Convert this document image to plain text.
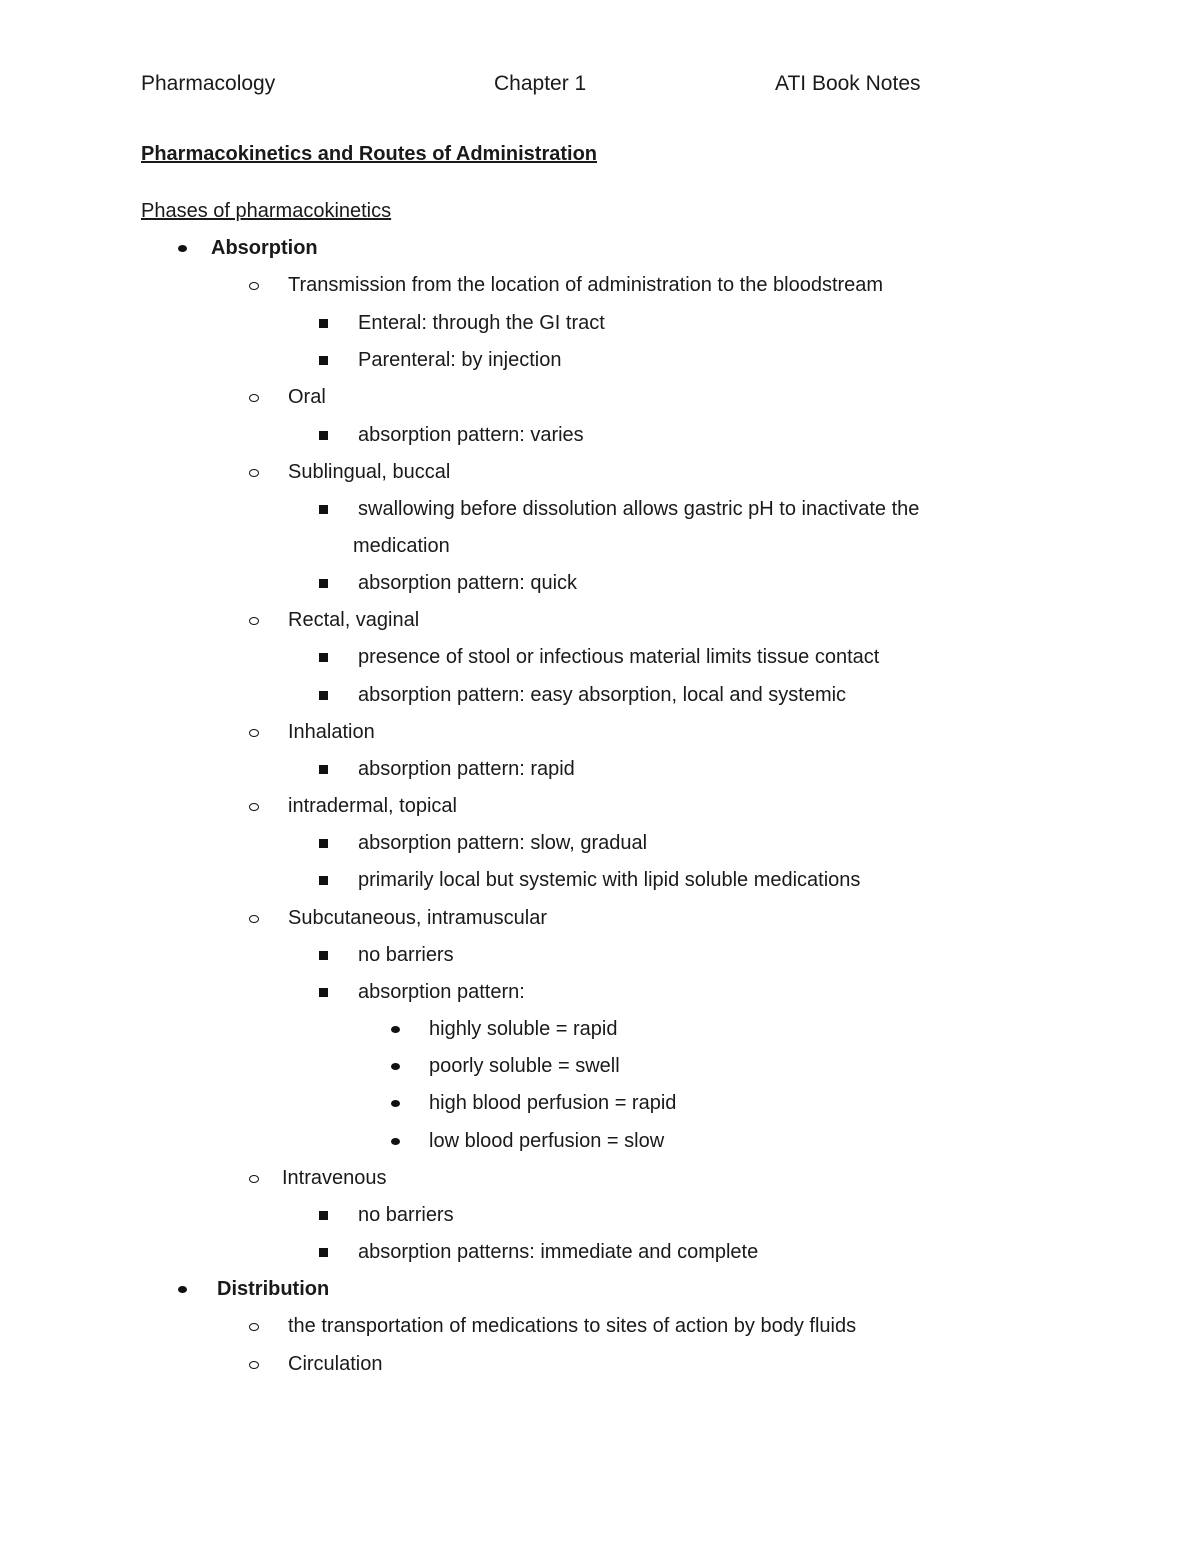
Pharmacology	Chapter 1	ATI Book Notes
Pharmacokinetics and Routes of Administration
Phases of pharmacokinetics
Absorption
Transmission from the location of administration to the bloodstream
Enteral: through the GI tract
Parenteral: by injection
Oral
absorption pattern: varies
Sublingual, buccal
swallowing before dissolution allows gastric pH to inactivate the
medication
absorption pattern: quick
Rectal, vaginal
presence of stool or infectious material limits tissue contact
absorption pattern: easy absorption, local and systemic
Inhalation
absorption pattern: rapid
intradermal, topical
absorption pattern: slow, gradual
primarily local but systemic with lipid soluble medications
Subcutaneous, intramuscular
no barriers
absorption pattern:
highly soluble = rapid
poorly soluble = swell
high blood perfusion = rapid
low blood perfusion = slow
Intravenous
no barriers
absorption patterns: immediate and complete
Distribution
the transportation of medications to sites of action by body fluids
Circulation
